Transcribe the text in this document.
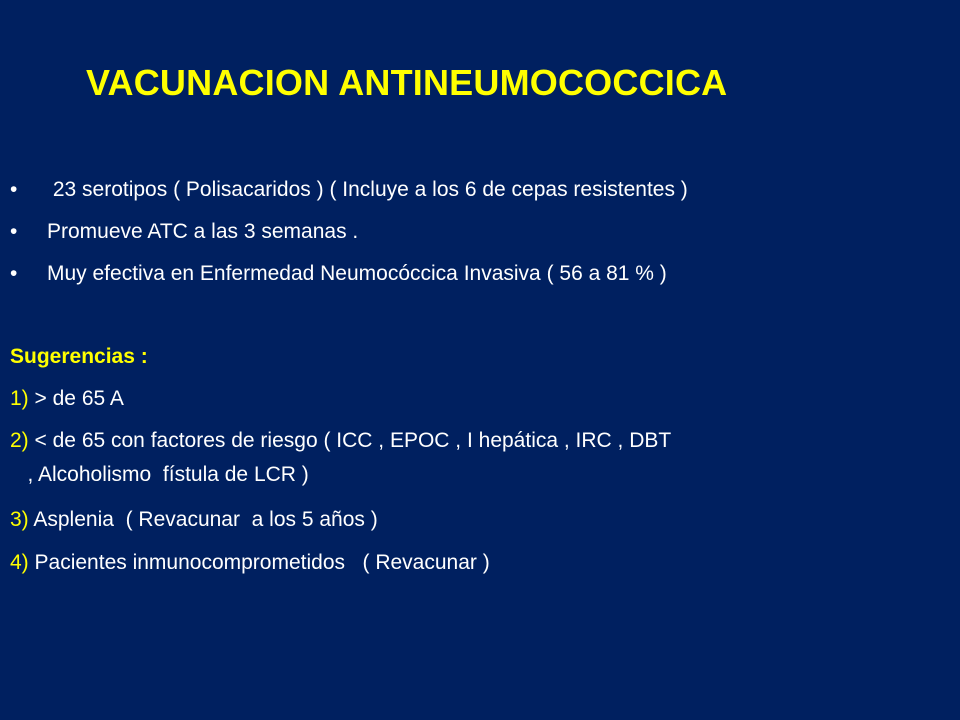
VACUNACION ANTINEUMOCOCCICA
• 23 serotipos ( Polisacaridos ) ( Incluye a los 6 de cepas resistentes )
• Promueve ATC a las 3 semanas .
• Muy efectiva en Enfermedad Neumocóccica Invasiva ( 56 a 81 % )
Sugerencias :
1) > de 65 A
2) < de 65 con factores de riesgo ( ICC , EPOC , I hepática , IRC , DBT
, Alcoholismo  fístula de LCR )
3) Asplenia  ( Revacunar  a los 5 años )
4) Pacientes inmunocomprometidos   ( Revacunar )
